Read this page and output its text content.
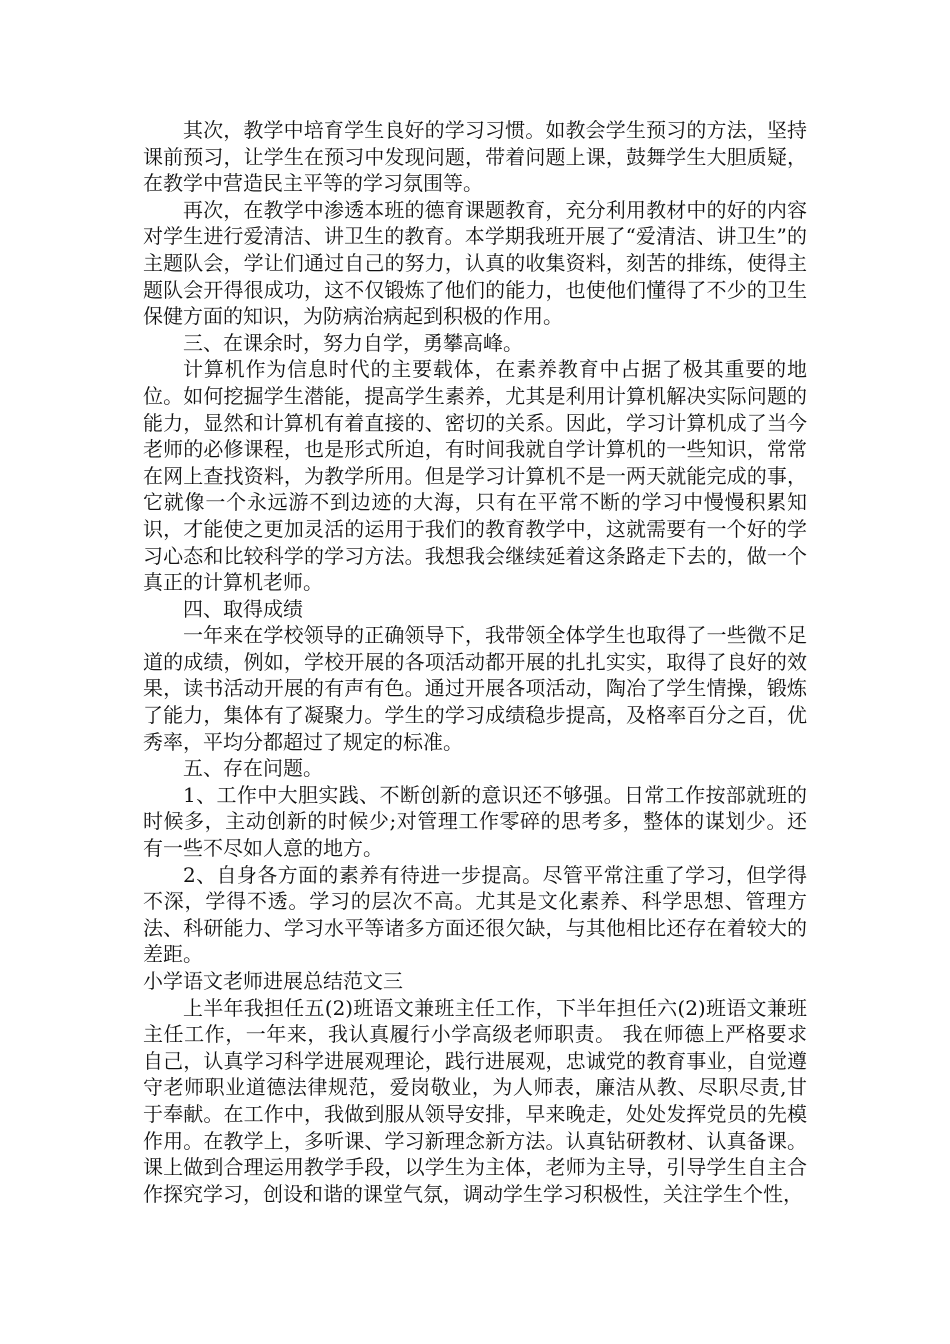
其次，教学中培育学生良好的学习习惯。如教会学生预习的方法，坚持课前预习，让学生在预习中发现问题，带着问题上课，鼓舞学生大胆质疑，在教学中营造民主平等的学习氛围等。

再次，在教学中渗透本班的德育课题教育，充分利用教材中的好的内容对学生进行爱清洁、讲卫生的教育。本学期我班开展了“爱清洁、讲卫生”的主题队会，学让们通过自己的努力，认真的收集资料，刻苦的排练，使得主题队会开得很成功，这不仅锻炼了他们的能力，也使他们懂得了不少的卫生保健方面的知识，为防病治病起到积极的作用。

三、在课余时，努力自学，勇攀高峰。

计算机作为信息时代的主要载体，在素养教育中占据了极其重要的地位。如何挖掘学生潜能，提高学生素养，尤其是利用计算机解决实际问题的能力，显然和计算机有着直接的、密切的关系。因此，学习计算机成了当今老师的必修课程，也是形式所迫，有时间我就自学计算机的一些知识，常常在网上查找资料，为教学所用。但是学习计算机不是一两天就能完成的事，它就像一个永远游不到边迹的大海，只有在平常不断的学习中慢慢积累知识，才能使之更加灵活的运用于我们的教育教学中，这就需要有一个好的学习心态和比较科学的学习方法。我想我会继续延着这条路走下去的，做一个真正的计算机老师。

四、取得成绩

一年来在学校领导的正确领导下，我带领全体学生也取得了一些微不足道的成绩，例如，学校开展的各项活动都开展的扎扎实实，取得了良好的效果，读书活动开展的有声有色。通过开展各项活动，陶冶了学生情操，锻炼了能力，集体有了凝聚力。学生的学习成绩稳步提高，及格率百分之百，优秀率，平均分都超过了规定的标准。

五、存在问题。

1、工作中大胆实践、不断创新的意识还不够强。日常工作按部就班的时候多，主动创新的时候少;对管理工作零碎的思考多，整体的谋划少。还有一些不尽如人意的地方。

2、自身各方面的素养有待进一步提高。尽管平常注重了学习，但学得不深，学得不透。学习的层次不高。尤其是文化素养、科学思想、管理方法、科研能力、学习水平等诸多方面还很欠缺，与其他相比还存在着较大的差距。

小学语文老师进展总结范文三

上半年我担任五(2)班语文兼班主任工作，下半年担任六(2)班语文兼班主任工作，一年来，我认真履行小学高级老师职责。 我在师德上严格要求自己，认真学习科学进展观理论，践行进展观，忠诚党的教育事业，自觉遵守老师职业道德法律规范，爱岗敬业，为人师表，廉洁从教、尽职尽责,甘于奉献。在工作中，我做到服从领导安排，早来晚走，处处发挥党员的先模作用。在教学上，多听课、学习新理念新方法。认真钻研教材、认真备课。课上做到合理运用教学手段，以学生为主体，老师为主导，引导学生自主合作探究学习，创设和谐的课堂气氛，调动学生学习积极性，关注学生个性，
